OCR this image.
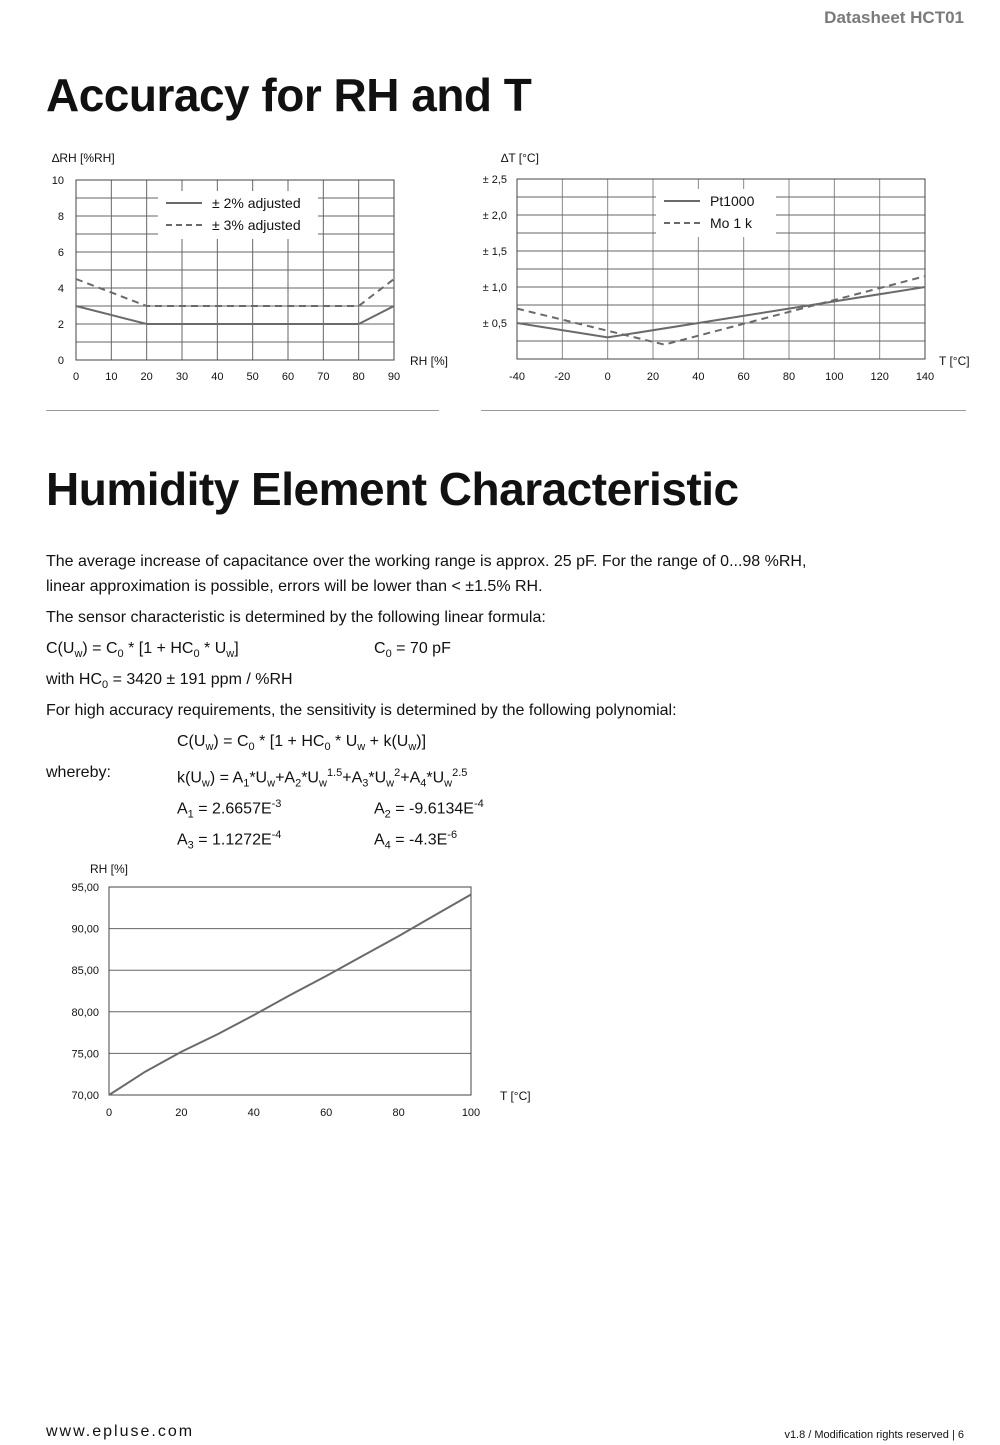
Datasheet HCT01
Accuracy for RH and T
0 10 20 30 40 50 60 70 80 90
0
2
4
6
8
10
∆RH [%RH]
RH [%]
± 2% adjusted
± 3% adjusted
-40	-20	0	20	40	60	80	100 120 140
± 0,5
± 1,0
± 1,5
± 2,0
± 2,5
∆T [°C]
T [°C]
Pt1000
Mo 1 k
Humidity Element Characteristic
The average increase of capacitance over the working range is approx. 25 pF. For the range of 0...98 %RH,
linear approximation is possible, errors will be lower than < ±1.5% RH.
The sensor characteristic is determined by the following linear formula:
$C(U_w) = C_0 * [1 + HC_0 * U_w]$	$C_0 = 70$ pF
with $HC_0 = 3420 \pm 191$ ppm / %RH
For high accuracy requirements, the sensitivity is determined by the following polynomial:
$C(U_w) = C_0 * [1 + HC_0 * U_w + k(U_w)]$
whereby:	$k(U_w) = A_1*U_w+A_2*U_w^{1.5}+A_3*U_w^2+A_4*U_w^{2.5}$
$A_1 = 2.6657E^{-3}$	$A_2 = -9.6134E^{-4}$
$A_3 = 1.1272E^{-4}$	$A_4 = -4.3E^{-6}$
0	20	40	60	80	100
70,00
75,00
80,00
85,00
90,00
95,00
RH [%]
T [°C]
www.epluse.com	v1.8 / Modification rights reserved | 6
